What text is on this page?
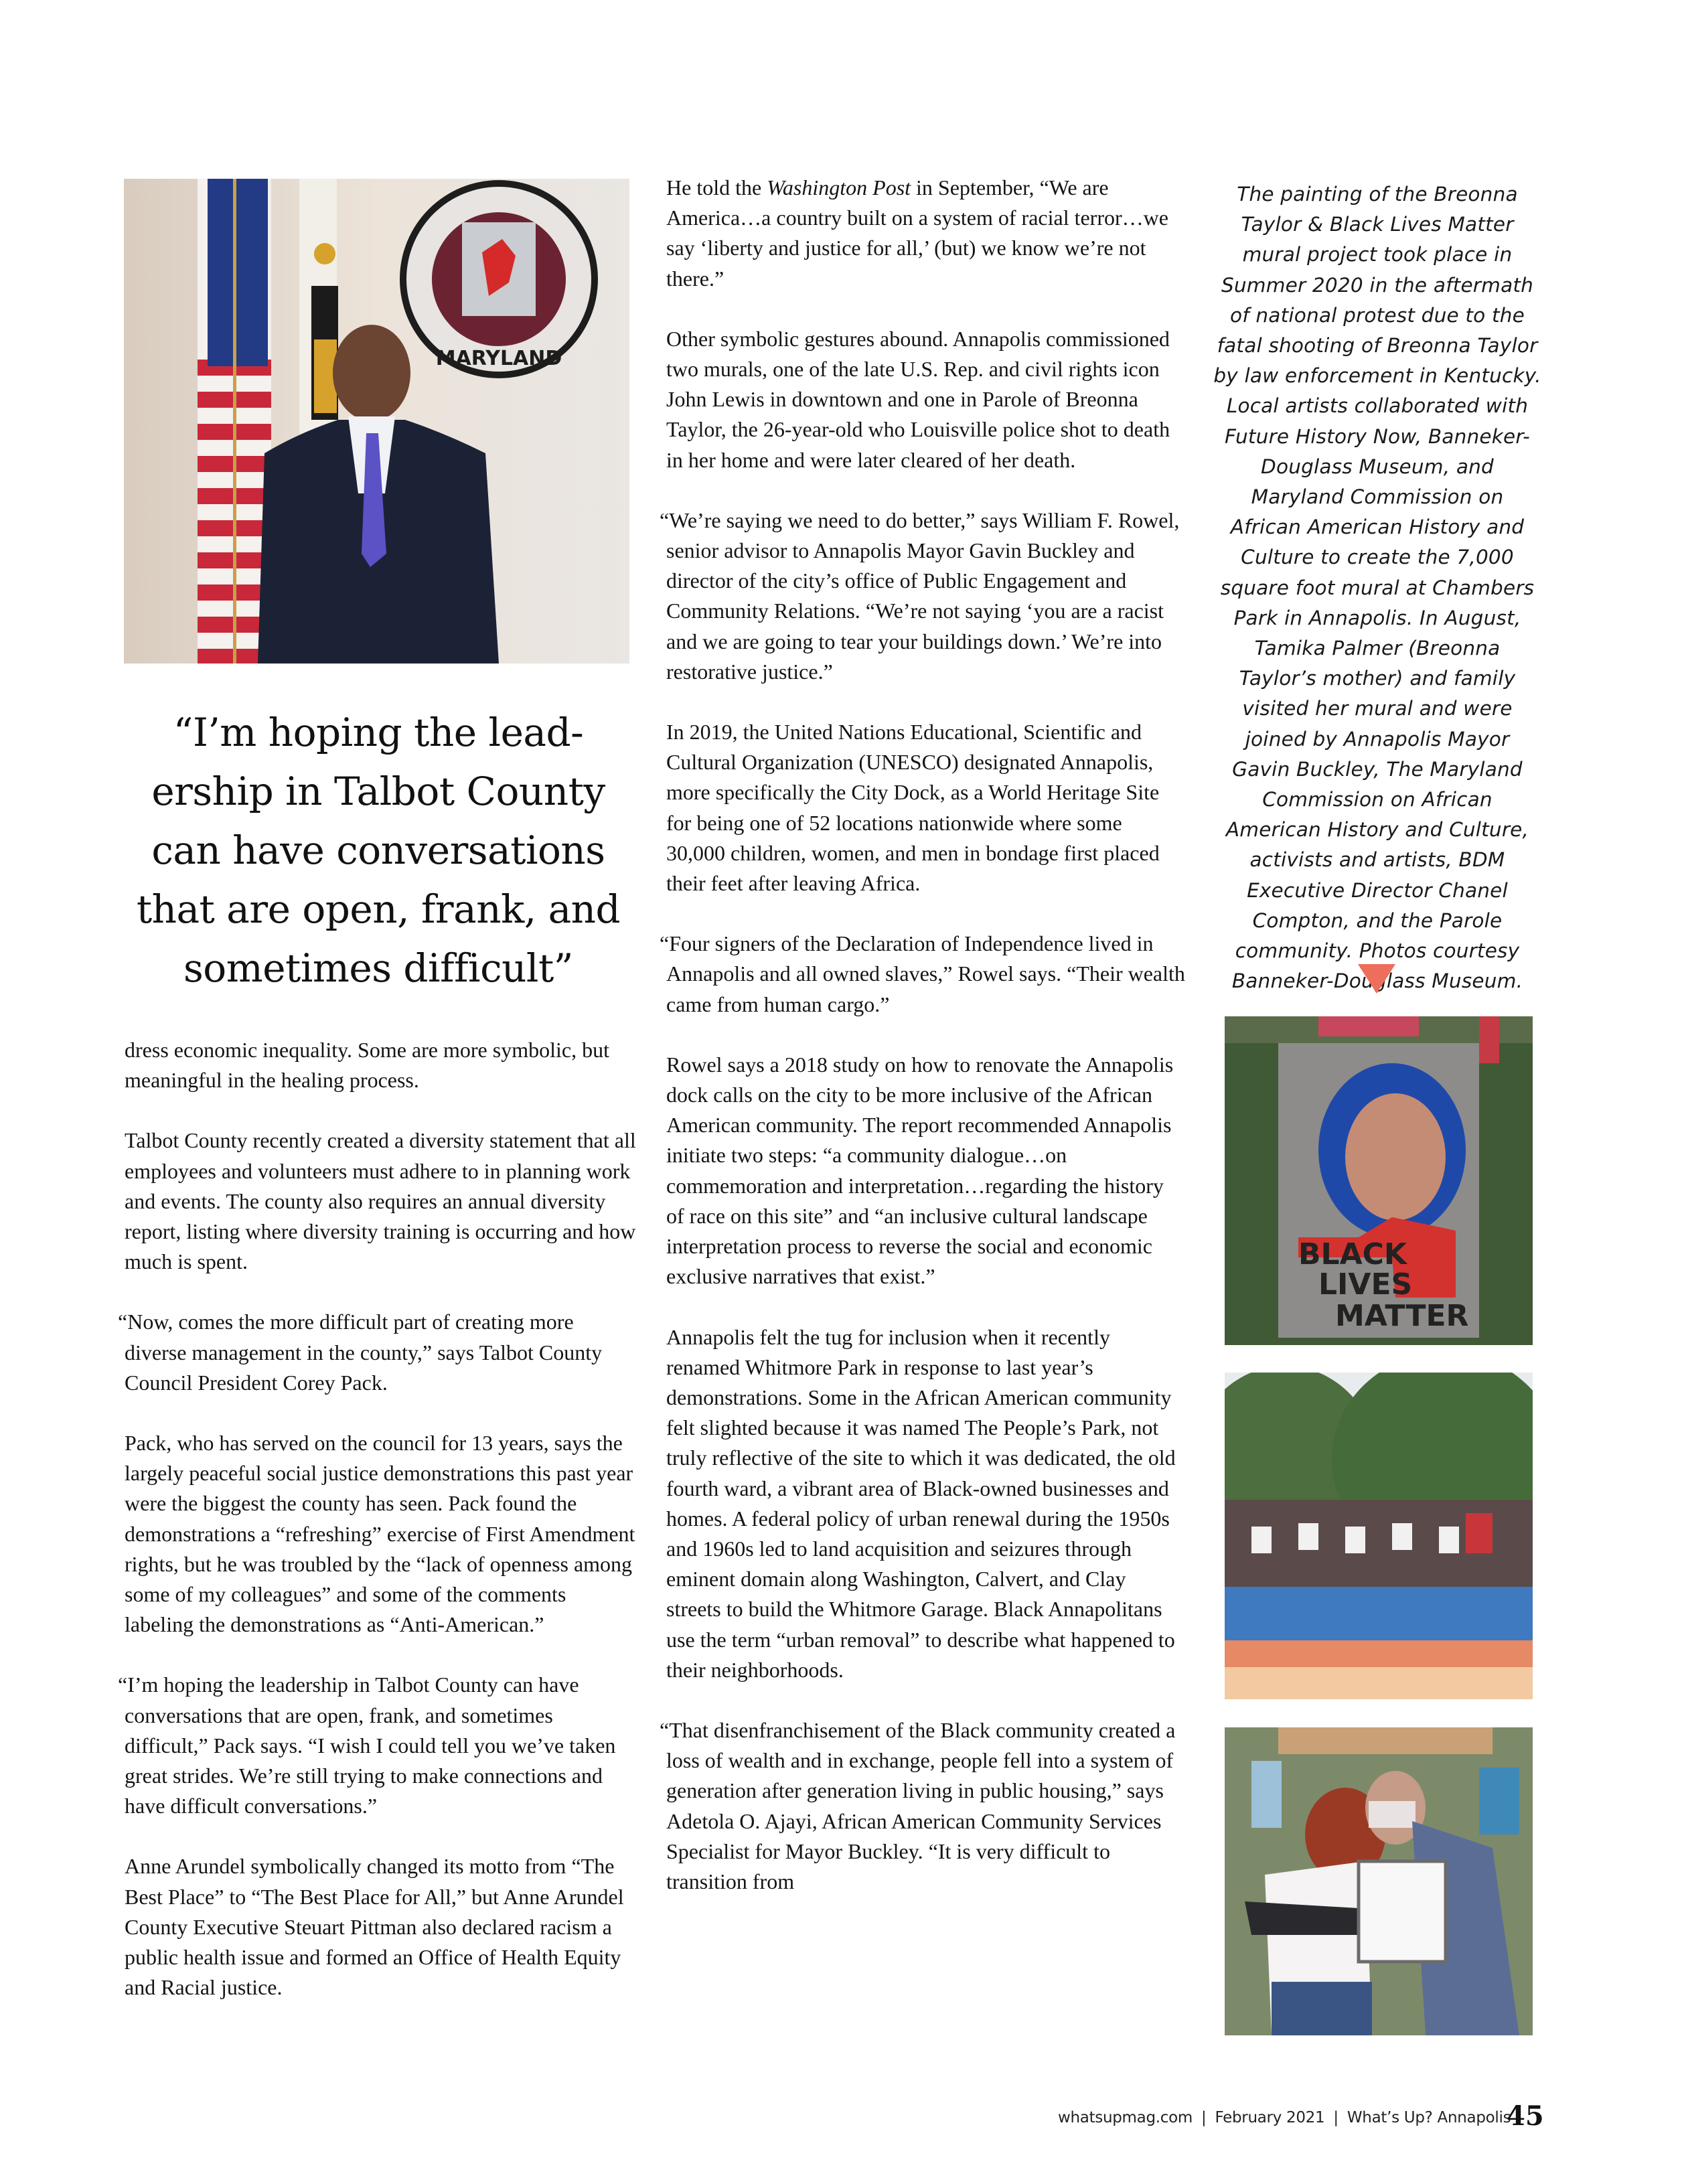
MARYLAND
“I’m hoping the lead-
ership in Talbot County
can have conversations
that are open, frank, and
sometimes difficult”

dress economic inequality. Some are more symbolic, but meaningful in the healing process.

Talbot County recently created a diversity statement that all employees and volunteers must adhere to in planning work and events. The county also requires an annual diversity report, listing where diversity training is occurring and how much is spent.

“Now, comes the more difficult part of creating more diverse management in the county,” says Talbot County Council President Corey Pack.

Pack, who has served on the council for 13 years, says the largely peaceful social justice demonstrations this past year were the biggest the county has seen. Pack found the demonstrations a “refreshing” exercise of First Amendment rights, but he was troubled by the “lack of openness among some of my colleagues” and some of the comments labeling the demonstrations as “Anti-American.”

“I’m hoping the leadership in Talbot County can have conversations that are open, frank, and sometimes difficult,” Pack says. “I wish I could tell you we’ve taken great strides. We’re still trying to make connections and have difficult conversations.”

Anne Arundel symbolically changed its motto from “The Best Place” to “The Best Place for All,” but Anne Arundel County Executive Steuart Pittman also declared racism a public health issue and formed an Office of Health Equity and Racial justice.

He told the Washington Post in September, “We are America…a country built on a system of racial terror…we say ‘liberty and justice for all,’ (but) we know we’re not there.”

Other symbolic gestures abound. Annapolis commissioned two murals, one of the late U.S. Rep. and civil rights icon John Lewis in downtown and one in Parole of Breonna Taylor, the 26-year-old who Louisville police shot to death in her home and were later cleared of her death.

“We’re saying we need to do better,” says William F. Rowel, senior advisor to Annapolis Mayor Gavin Buckley and director of the city’s office of Public Engagement and Community Relations. “We’re not saying ‘you are a racist and we are going to tear your buildings down.’ We’re into restorative justice.”

In 2019, the United Nations Educational, Scientific and Cultural Organization (UNESCO) designated Annapolis, more specifically the City Dock, as a World Heritage Site for being one of 52 locations nationwide where some 30,000 children, women, and men in bondage first placed their feet after leaving Africa.

“Four signers of the Declaration of Independence lived in Annapolis and all owned slaves,” Rowel says. “Their wealth came from human cargo.”

Rowel says a 2018 study on how to renovate the Annapolis dock calls on the city to be more inclusive of the African American community. The report recommended Annapolis initiate two steps: “a community dialogue…on commemoration and interpretation…regarding the history of race on this site” and “an inclusive cultural landscape interpretation process to reverse the social and economic exclusive narratives that exist.”

Annapolis felt the tug for inclusion when it recently renamed Whitmore Park in response to last year’s demonstrations. Some in the African American community felt slighted because it was named The People’s Park, not truly reflective of the site to which it was dedicated, the old fourth ward, a vibrant area of Black-owned businesses and homes. A federal policy of urban renewal during the 1950s and 1960s led to land acquisition and seizures through eminent domain along Washington, Calvert, and Clay streets to build the Whitmore Garage. Black Annapolitans use the term “urban removal” to describe what happened to their neighborhoods.

“That disenfranchisement of the Black community created a loss of wealth and in exchange, people fell into a system of generation after generation living in public housing,” says Adetola O. Ajayi, African American Community Services Specialist for Mayor Buckley. “It is very difficult to transition from

The painting of the Breonna Taylor & Black Lives Matter mural project took place in Summer 2020 in the aftermath of national protest due to the fatal shooting of Breonna Taylor by law enforcement in Kentucky. Local artists collaborated with Future History Now, Banneker-Douglass Museum, and Maryland Commission on African American History and Culture to create the 7,000 square foot mural at Chambers Park in Annapolis. In August, Tamika Palmer (Breonna Taylor’s mother) and family visited her mural and were joined by Annapolis Mayor Gavin Buckley, The Maryland Commission on African American History and Culture, activists and artists, BDM Executive Director Chanel Compton, and the Parole community. Photos courtesy Banneker-Douglass Museum.
BLACK
LIVES
MATTER
whatsupmag.com | February 2021 | What’s Up? Annapolis
45
